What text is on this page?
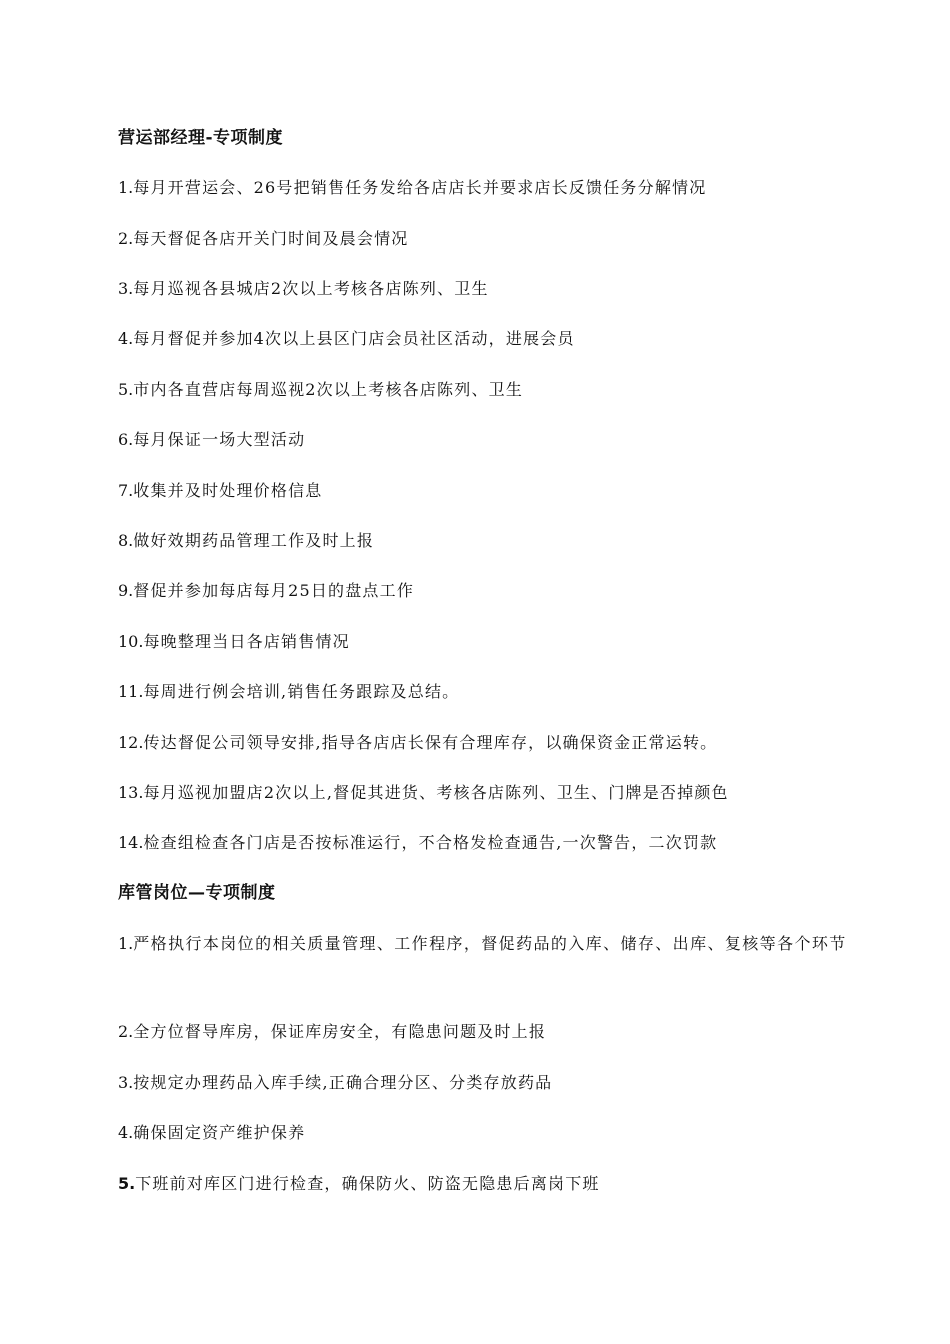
营运部经理-专项制度

1.每月开营运会、26号把销售任务发给各店店长并要求店长反馈任务分解情况

2.每天督促各店开关门时间及晨会情况

3.每月巡视各县城店2次以上考核各店陈列、卫生

4.每月督促并参加4次以上县区门店会员社区活动，进展会员

5.市内各直营店每周巡视2次以上考核各店陈列、卫生

6.每月保证一场大型活动

7.收集并及时处理价格信息

8.做好效期药品管理工作及时上报

9.督促并参加每店每月25日的盘点工作

10.每晚整理当日各店销售情况

11.每周进行例会培训,销售任务跟踪及总结。

12.传达督促公司领导安排,指导各店店长保有合理库存，以确保资金正常运转。

13.每月巡视加盟店2次以上,督促其进货、考核各店陈列、卫生、门牌是否掉颜色

14.检查组检查各门店是否按标准运行，不合格发检查通告,一次警告，二次罚款

库管岗位—专项制度

1.严格执行本岗位的相关质量管理、工作程序，督促药品的入库、储存、出库、复核等各个环节

2.全方位督导库房，保证库房安全，有隐患问题及时上报

3.按规定办理药品入库手续,正确合理分区、分类存放药品

4.确保固定资产维护保养

5.下班前对库区门进行检查，确保防火、防盗无隐患后离岗下班
